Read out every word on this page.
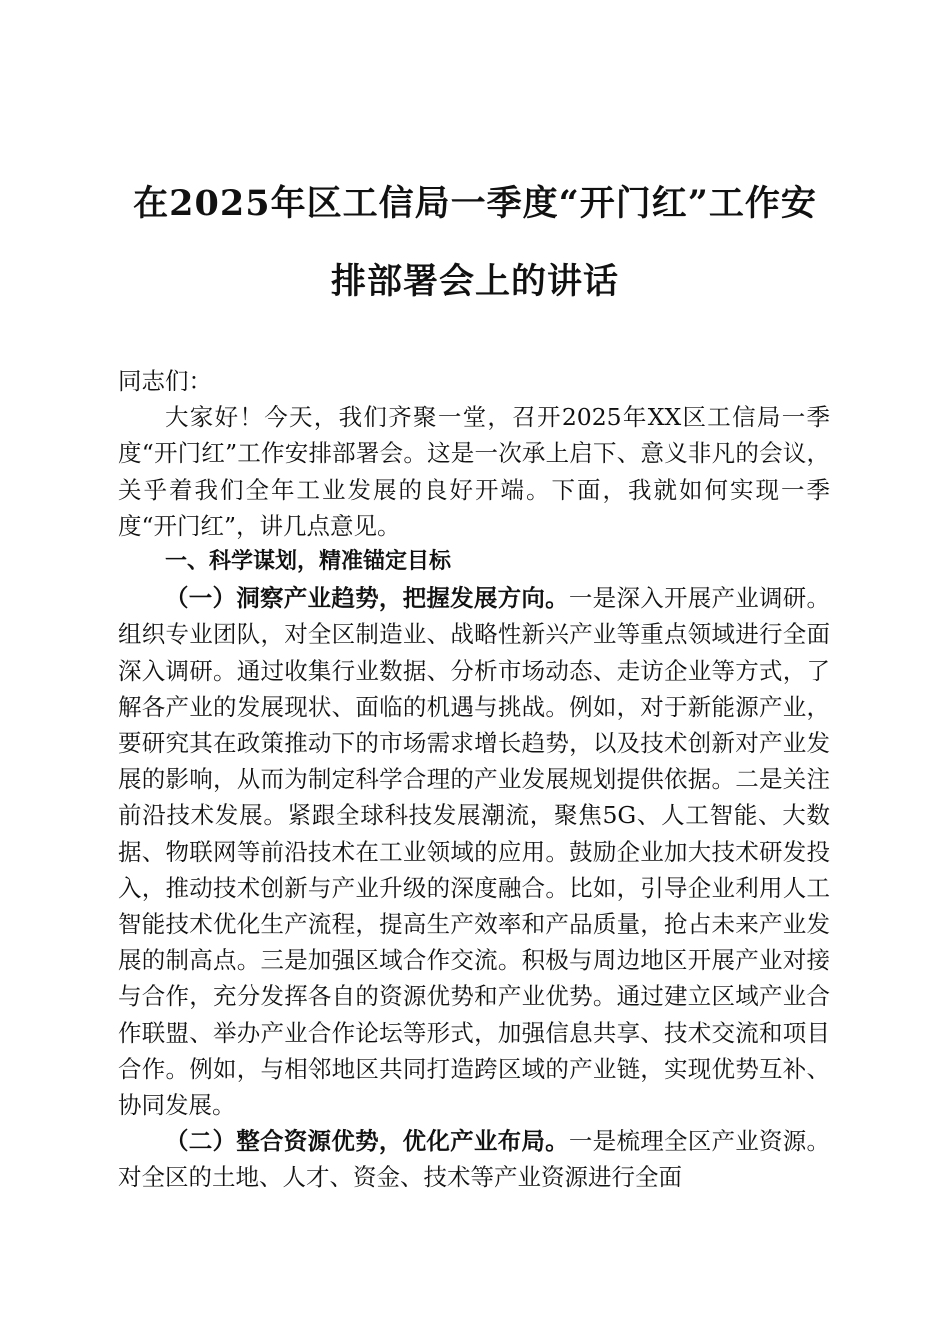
在2025年区工信局一季度“开门红”工作安
排部署会上的讲话

同志们：

大家好！今天，我们齐聚一堂，召开2025年XX区工信局一季度“开门红”工作安排部署会。这是一次承上启下、意义非凡的会议，关乎着我们全年工业发展的良好开端。下面，我就如何实现一季度“开门红”，讲几点意见。

一、科学谋划，精准锚定目标

（一）洞察产业趋势，把握发展方向。一是深入开展产业调研。组织专业团队，对全区制造业、战略性新兴产业等重点领域进行全面深入调研。通过收集行业数据、分析市场动态、走访企业等方式，了解各产业的发展现状、面临的机遇与挑战。例如，对于新能源产业，要研究其在政策推动下的市场需求增长趋势，以及技术创新对产业发展的影响，从而为制定科学合理的产业发展规划提供依据。二是关注前沿技术发展。紧跟全球科技发展潮流，聚焦5G、人工智能、大数据、物联网等前沿技术在工业领域的应用。鼓励企业加大技术研发投入，推动技术创新与产业升级的深度融合。比如，引导企业利用人工智能技术优化生产流程，提高生产效率和产品质量，抢占未来产业发展的制高点。三是加强区域合作交流。积极与周边地区开展产业对接与合作，充分发挥各自的资源优势和产业优势。通过建立区域产业合作联盟、举办产业合作论坛等形式，加强信息共享、技术交流和项目合作。例如，与相邻地区共同打造跨区域的产业链，实现优势互补、协同发展。

（二）整合资源优势，优化产业布局。一是梳理全区产业资源。对全区的土地、人才、资金、技术等产业资源进行全面
